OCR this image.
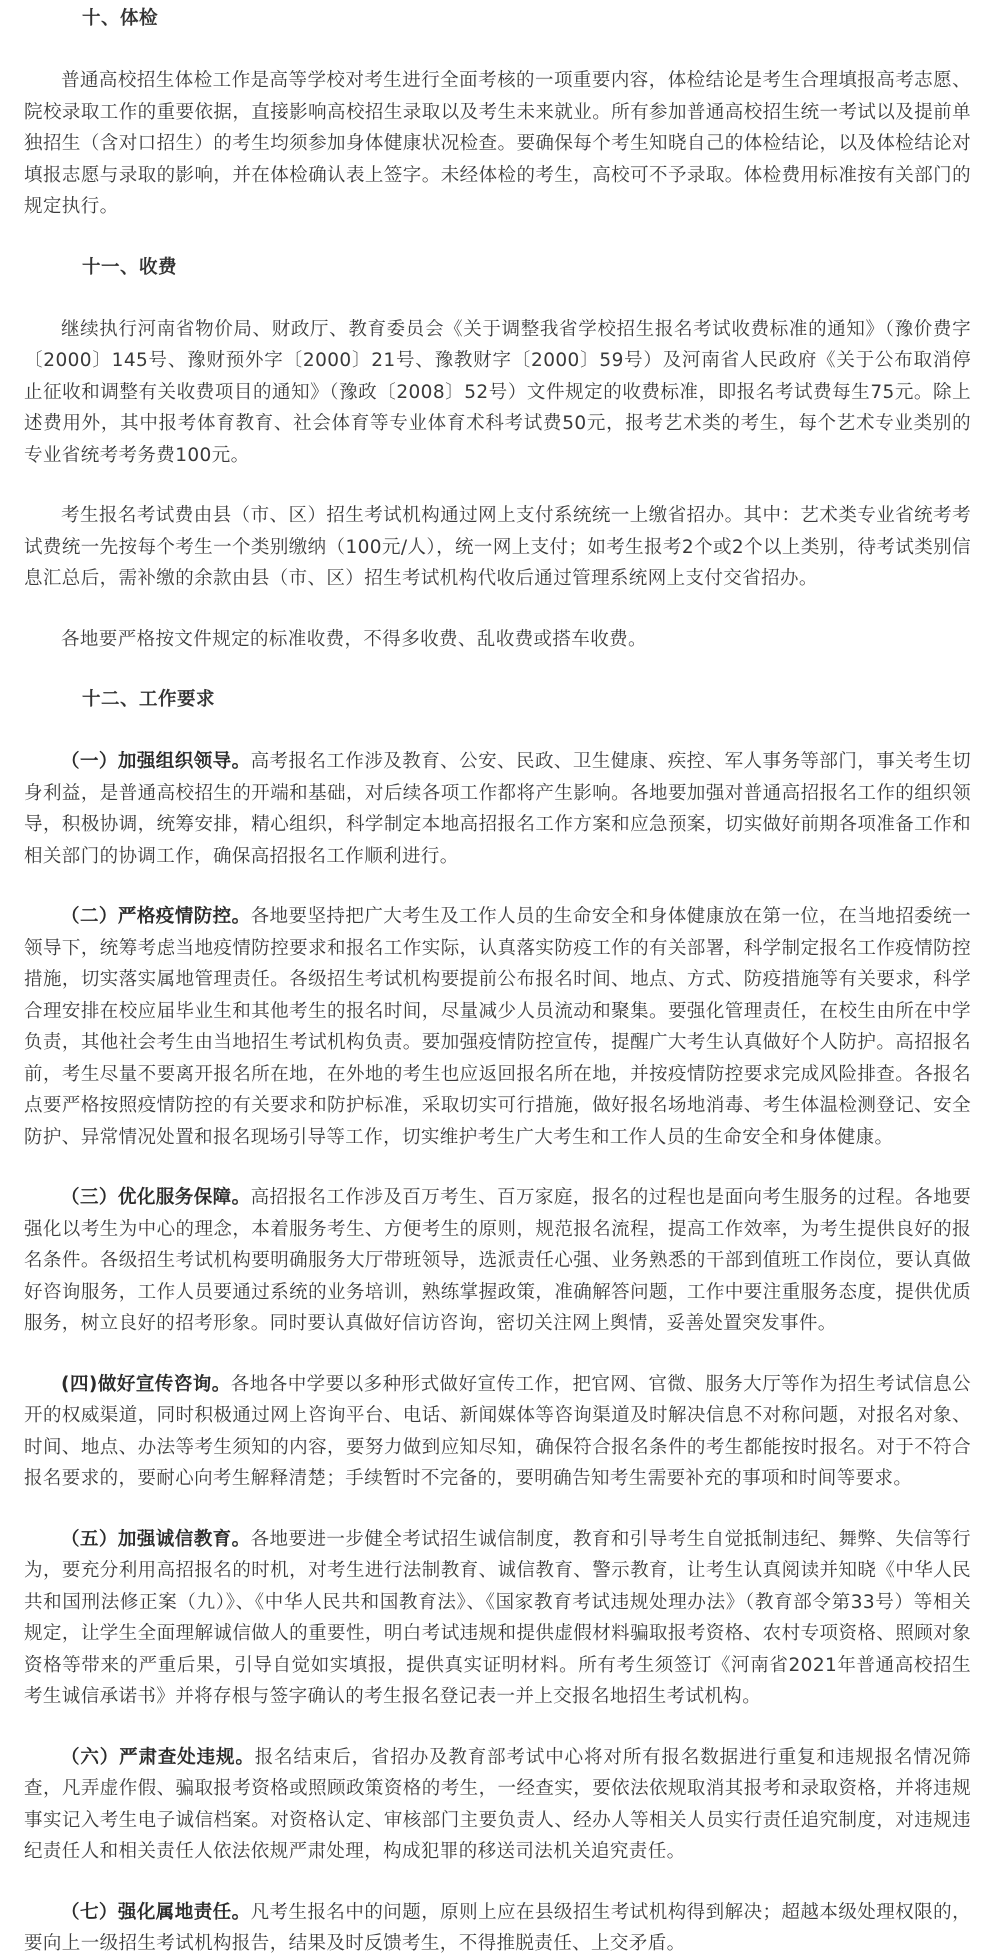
十、体检

普通高校招生体检工作是高等学校对考生进行全面考核的一项重要内容，体检结论是考生合理填报高考志愿、院校录取工作的重要依据，直接影响高校招生录取以及考生未来就业。所有参加普通高校招生统一考试以及提前单独招生（含对口招生）的考生均须参加身体健康状况检查。要确保每个考生知晓自己的体检结论，以及体检结论对填报志愿与录取的影响，并在体检确认表上签字。未经体检的考生，高校可不予录取。体检费用标准按有关部门的规定执行。

十一、收费

继续执行河南省物价局、财政厅、教育委员会《关于调整我省学校招生报名考试收费标准的通知》（豫价费字〔2000〕145号、豫财预外字〔2000〕21号、豫教财字〔2000〕59号）及河南省人民政府《关于公布取消停止征收和调整有关收费项目的通知》（豫政〔2008〕52号）文件规定的收费标准，即报名考试费每生75元。除上述费用外，其中报考体育教育、社会体育等专业体育术科考试费50元，报考艺术类的考生，每个艺术专业类别的专业省统考考务费100元。

考生报名考试费由县（市、区）招生考试机构通过网上支付系统统一上缴省招办。其中：艺术类专业省统考考试费统一先按每个考生一个类别缴纳（100元/人），统一网上支付；如考生报考2个或2个以上类别，待考试类别信息汇总后，需补缴的余款由县（市、区）招生考试机构代收后通过管理系统网上支付交省招办。

各地要严格按文件规定的标准收费，不得多收费、乱收费或搭车收费。

十二、工作要求

（一）加强组织领导。高考报名工作涉及教育、公安、民政、卫生健康、疾控、军人事务等部门，事关考生切身利益，是普通高校招生的开端和基础，对后续各项工作都将产生影响。各地要加强对普通高招报名工作的组织领导，积极协调，统筹安排，精心组织，科学制定本地高招报名工作方案和应急预案，切实做好前期各项准备工作和相关部门的协调工作，确保高招报名工作顺利进行。

（二）严格疫情防控。各地要坚持把广大考生及工作人员的生命安全和身体健康放在第一位，在当地招委统一领导下，统筹考虑当地疫情防控要求和报名工作实际，认真落实防疫工作的有关部署，科学制定报名工作疫情防控措施，切实落实属地管理责任。各级招生考试机构要提前公布报名时间、地点、方式、防疫措施等有关要求，科学合理安排在校应届毕业生和其他考生的报名时间，尽量减少人员流动和聚集。要强化管理责任，在校生由所在中学负责，其他社会考生由当地招生考试机构负责。要加强疫情防控宣传，提醒广大考生认真做好个人防护。高招报名前，考生尽量不要离开报名所在地，在外地的考生也应返回报名所在地，并按疫情防控要求完成风险排查。各报名点要严格按照疫情防控的有关要求和防护标准，采取切实可行措施，做好报名场地消毒、考生体温检测登记、安全防护、异常情况处置和报名现场引导等工作，切实维护考生广大考生和工作人员的生命安全和身体健康。

（三）优化服务保障。高招报名工作涉及百万考生、百万家庭，报名的过程也是面向考生服务的过程。各地要强化以考生为中心的理念，本着服务考生、方便考生的原则，规范报名流程，提高工作效率，为考生提供良好的报名条件。各级招生考试机构要明确服务大厅带班领导，选派责任心强、业务熟悉的干部到值班工作岗位，要认真做好咨询服务，工作人员要通过系统的业务培训，熟练掌握政策，准确解答问题，工作中要注重服务态度，提供优质服务，树立良好的招考形象。同时要认真做好信访咨询，密切关注网上舆情，妥善处置突发事件。

(四)做好宣传咨询。各地各中学要以多种形式做好宣传工作，把官网、官微、服务大厅等作为招生考试信息公开的权威渠道，同时积极通过网上咨询平台、电话、新闻媒体等咨询渠道及时解决信息不对称问题，对报名对象、时间、地点、办法等考生须知的内容，要努力做到应知尽知，确保符合报名条件的考生都能按时报名。对于不符合报名要求的，要耐心向考生解释清楚；手续暂时不完备的，要明确告知考生需要补充的事项和时间等要求。

（五）加强诚信教育。各地要进一步健全考试招生诚信制度，教育和引导考生自觉抵制违纪、舞弊、失信等行为，要充分利用高招报名的时机，对考生进行法制教育、诚信教育、警示教育，让考生认真阅读并知晓《中华人民共和国刑法修正案（九）》、《中华人民共和国教育法》、《国家教育考试违规处理办法》（教育部令第33号）等相关规定，让学生全面理解诚信做人的重要性，明白考试违规和提供虚假材料骗取报考资格、农村专项资格、照顾对象资格等带来的严重后果，引导自觉如实填报，提供真实证明材料。所有考生须签订《河南省2021年普通高校招生考生诚信承诺书》并将存根与签字确认的考生报名登记表一并上交报名地招生考试机构。

（六）严肃查处违规。报名结束后，省招办及教育部考试中心将对所有报名数据进行重复和违规报名情况筛查，凡弄虚作假、骗取报考资格或照顾政策资格的考生，一经查实，要依法依规取消其报考和录取资格，并将违规事实记入考生电子诚信档案。对资格认定、审核部门主要负责人、经办人等相关人员实行责任追究制度，对违规违纪责任人和相关责任人依法依规严肃处理，构成犯罪的移送司法机关追究责任。

（七）强化属地责任。凡考生报名中的问题，原则上应在县级招生考试机构得到解决；超越本级处理权限的，要向上一级招生考试机构报告，结果及时反馈考生，不得推脱责任、上交矛盾。
